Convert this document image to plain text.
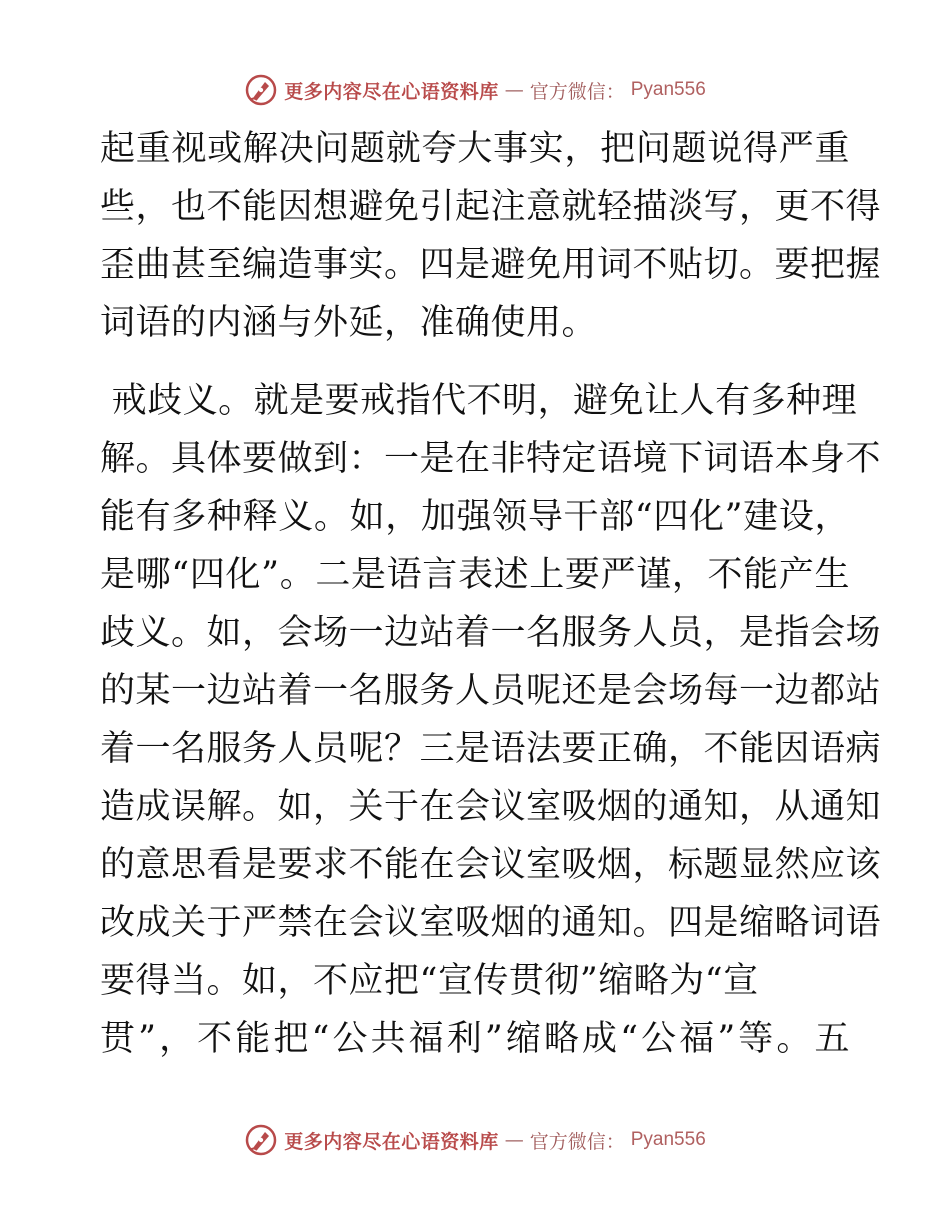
更多内容尽在心语资料库 — 官方微信： Pyan556
起重视或解决问题就夸大事实，把问题说得严重
些，也不能因想避免引起注意就轻描淡写，更不得
歪曲甚至编造事实。四是避免用词不贴切。要把握
词语的内涵与外延，准确使用。
戒歧义。就是要戒指代不明，避免让人有多种理
解。具体要做到：一是在非特定语境下词语本身不
能有多种释义。如，加强领导干部“四化”建设，
是哪“四化”。二是语言表述上要严谨，不能产生
歧义。如，会场一边站着一名服务人员，是指会场
的某一边站着一名服务人员呢还是会场每一边都站
着一名服务人员呢？三是语法要正确，不能因语病
造成误解。如，关于在会议室吸烟的通知，从通知
的意思看是要求不能在会议室吸烟，标题显然应该
改成关于严禁在会议室吸烟的通知。四是缩略词语
要得当。如，不应把“宣传贯彻”缩略为“宣
贯”，不能把“公共福利”缩略成“公福”等。五
更多内容尽在心语资料库 — 官方微信： Pyan556
